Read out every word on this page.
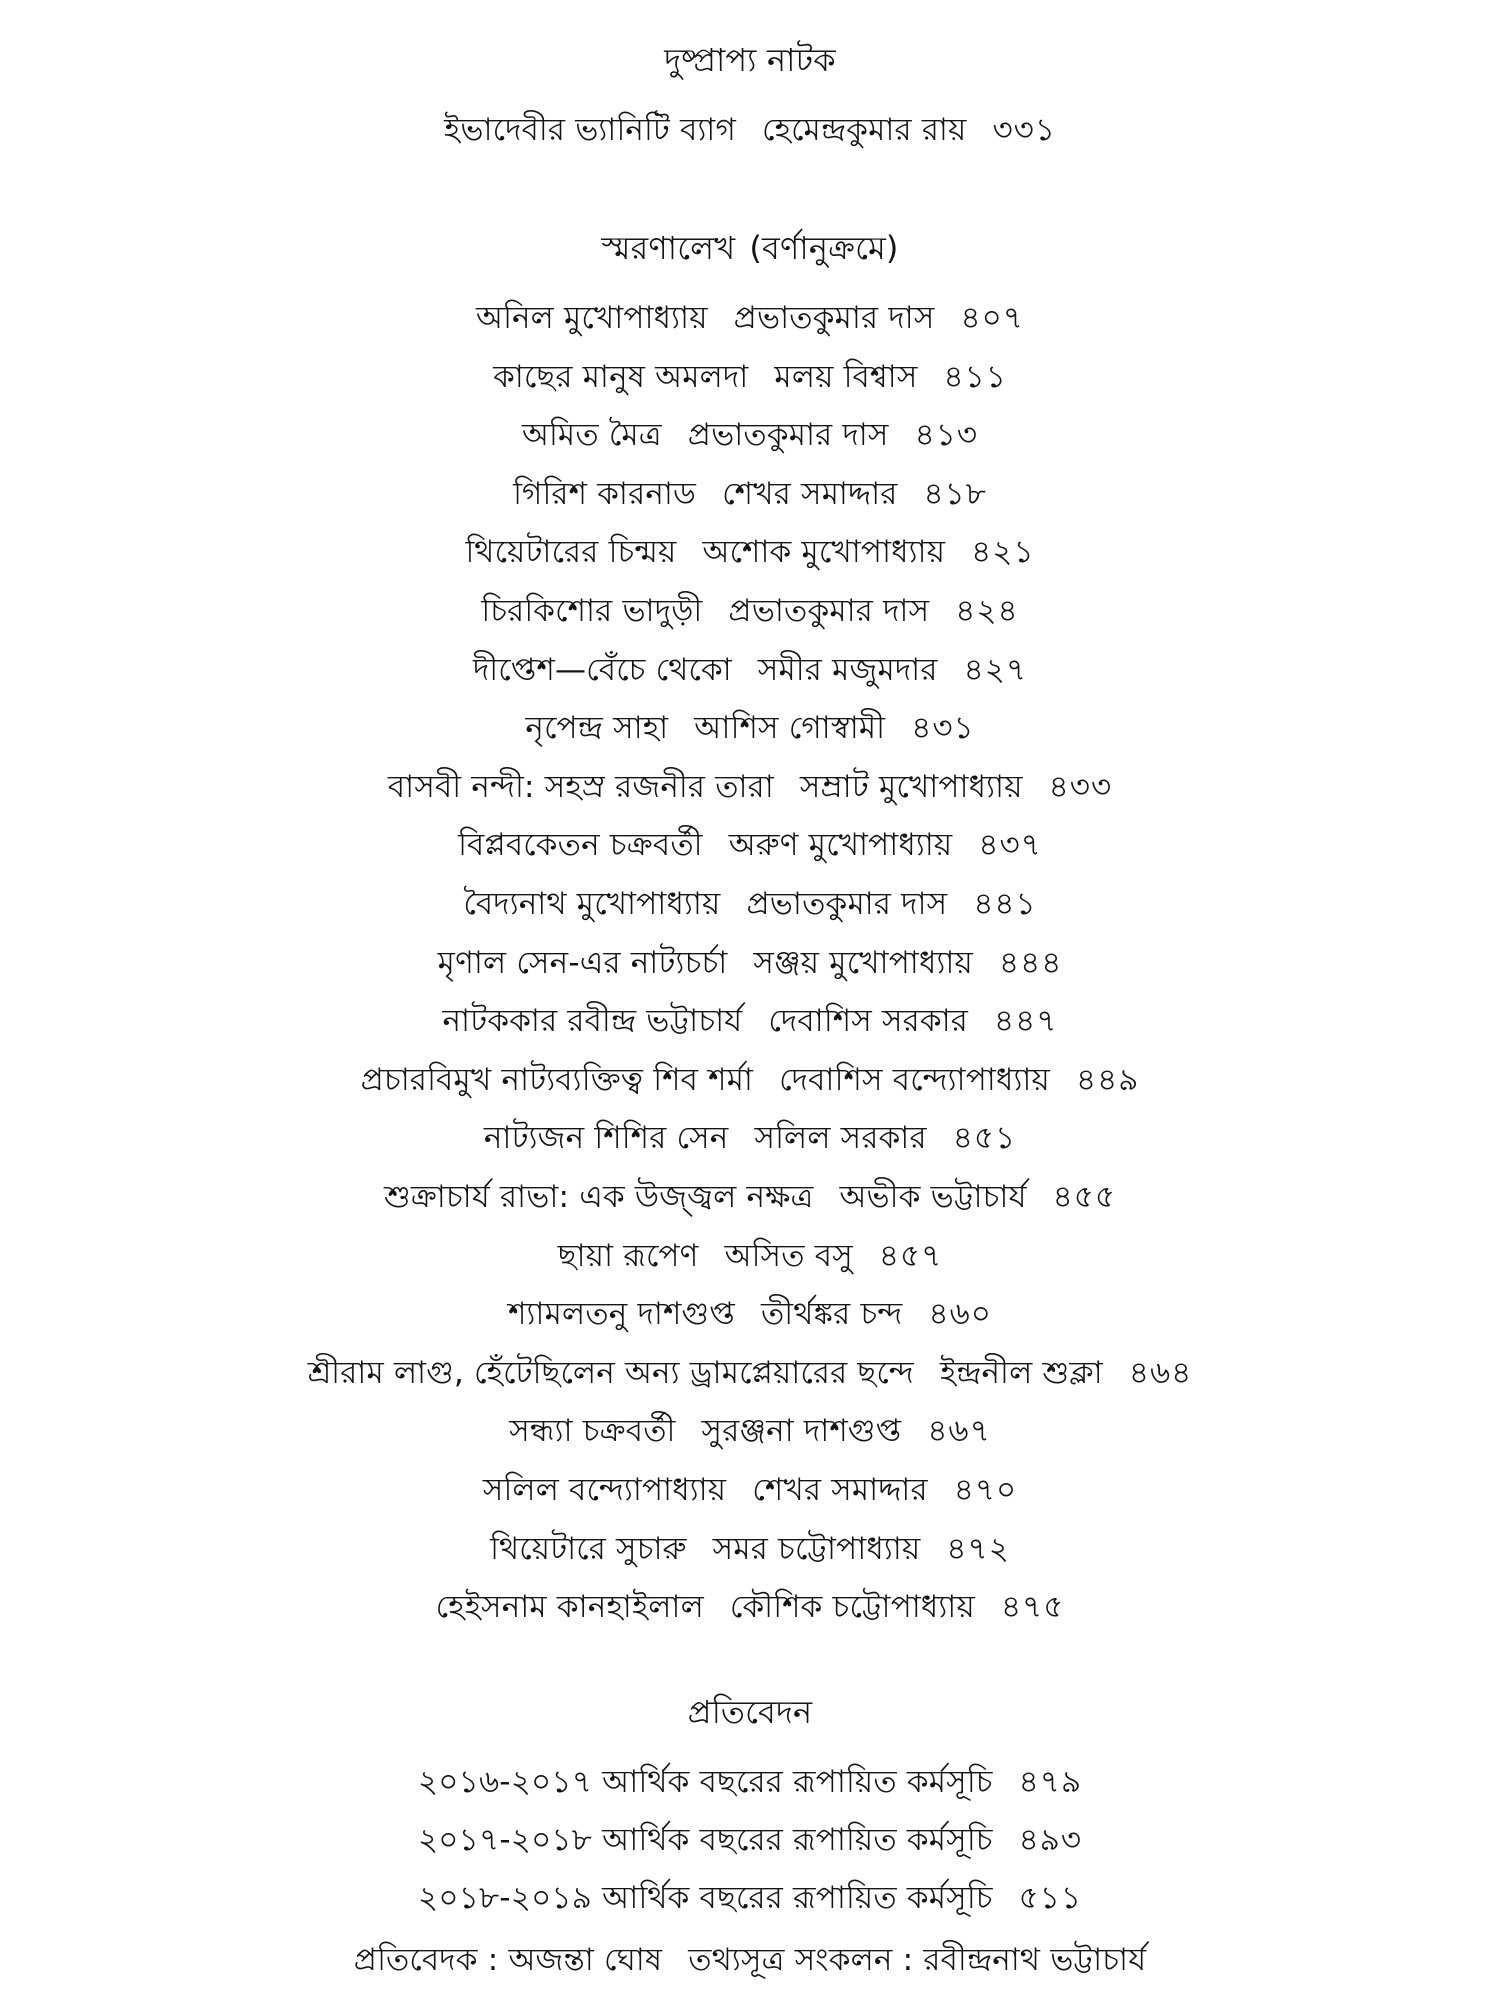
দুষ্প্রাপ্য নাটক
ইভাদেবীর ভ্যানিটি ব্যাগ হেমেন্দ্রকুমার রায় ৩৩১
স্মরণালেখ (বর্ণানুক্রমে)
অনিল মুখোপাধ্যায় প্রভাতকুমার দাস ৪০৭
কাছের মানুষ অমলদা মলয় বিশ্বাস ৪১১
অমিত মৈত্র প্রভাতকুমার দাস ৪১৩
গিরিশ কারনাড শেখর সমাদ্দার ৪১৮
থিয়েটারের চিন্ময় অশোক মুখোপাধ্যায় ৪২১
চিরকিশোর ভাদুড়ী প্রভাতকুমার দাস ৪২৪
দীপ্তেশ—বেঁচে থেকো সমীর মজুমদার ৪২৭
নৃপেন্দ্র সাহা আশিস গোস্বামী ৪৩১
বাসবী নন্দী: সহস্র রজনীর তারা সম্রাট মুখোপাধ্যায় ৪৩৩
বিপ্লবকেতন চক্রবর্তী অরুণ মুখোপাধ্যায় ৪৩৭
বৈদ্যনাথ মুখোপাধ্যায় প্রভাতকুমার দাস ৪৪১
মৃণাল সেন-এর নাট্যচর্চা সঞ্জয় মুখোপাধ্যায় ৪৪৪
নাটককার রবীন্দ্র ভট্টাচার্য দেবাশিস সরকার ৪৪৭
প্রচারবিমুখ নাট্যব্যক্তিত্ব শিব শর্মা দেবাশিস বন্দ্যোপাধ্যায় ৪৪৯
নাট্যজন শিশির সেন সলিল সরকার ৪৫১
শুক্রাচার্য রাভা: এক উজ্জ্বল নক্ষত্র অভীক ভট্টাচার্য ৪৫৫
ছায়া রূপেণ অসিত বসু ৪৫৭
শ্যামলতনু দাশগুপ্ত তীর্থঙ্কর চন্দ ৪৬০
শ্রীরাম লাগু, হেঁটেছিলেন অন্য ড্রামপ্লেয়ারের ছন্দে ইন্দ্রনীল শুক্লা ৪৬৪
সন্ধ্যা চক্রবর্তী সুরঞ্জনা দাশগুপ্ত ৪৬৭
সলিল বন্দ্যোপাধ্যায় শেখর সমাদ্দার ৪৭০
থিয়েটারে সুচারু সমর চট্টোপাধ্যায় ৪৭২
হেইসনাম কানহাইলাল কৌশিক চট্টোপাধ্যায় ৪৭৫
প্রতিবেদন
২০১৬-২০১৭ আর্থিক বছরের রূপায়িত কর্মসূচি ৪৭৯
২০১৭-২০১৮ আর্থিক বছরের রূপায়িত কর্মসূচি ৪৯৩
২০১৮-২০১৯ আর্থিক বছরের রূপায়িত কর্মসূচি ৫১১
প্রতিবেদক : অজন্তা ঘোষ তথ্যসূত্র সংকলন : রবীন্দ্রনাথ ভট্টাচার্য
